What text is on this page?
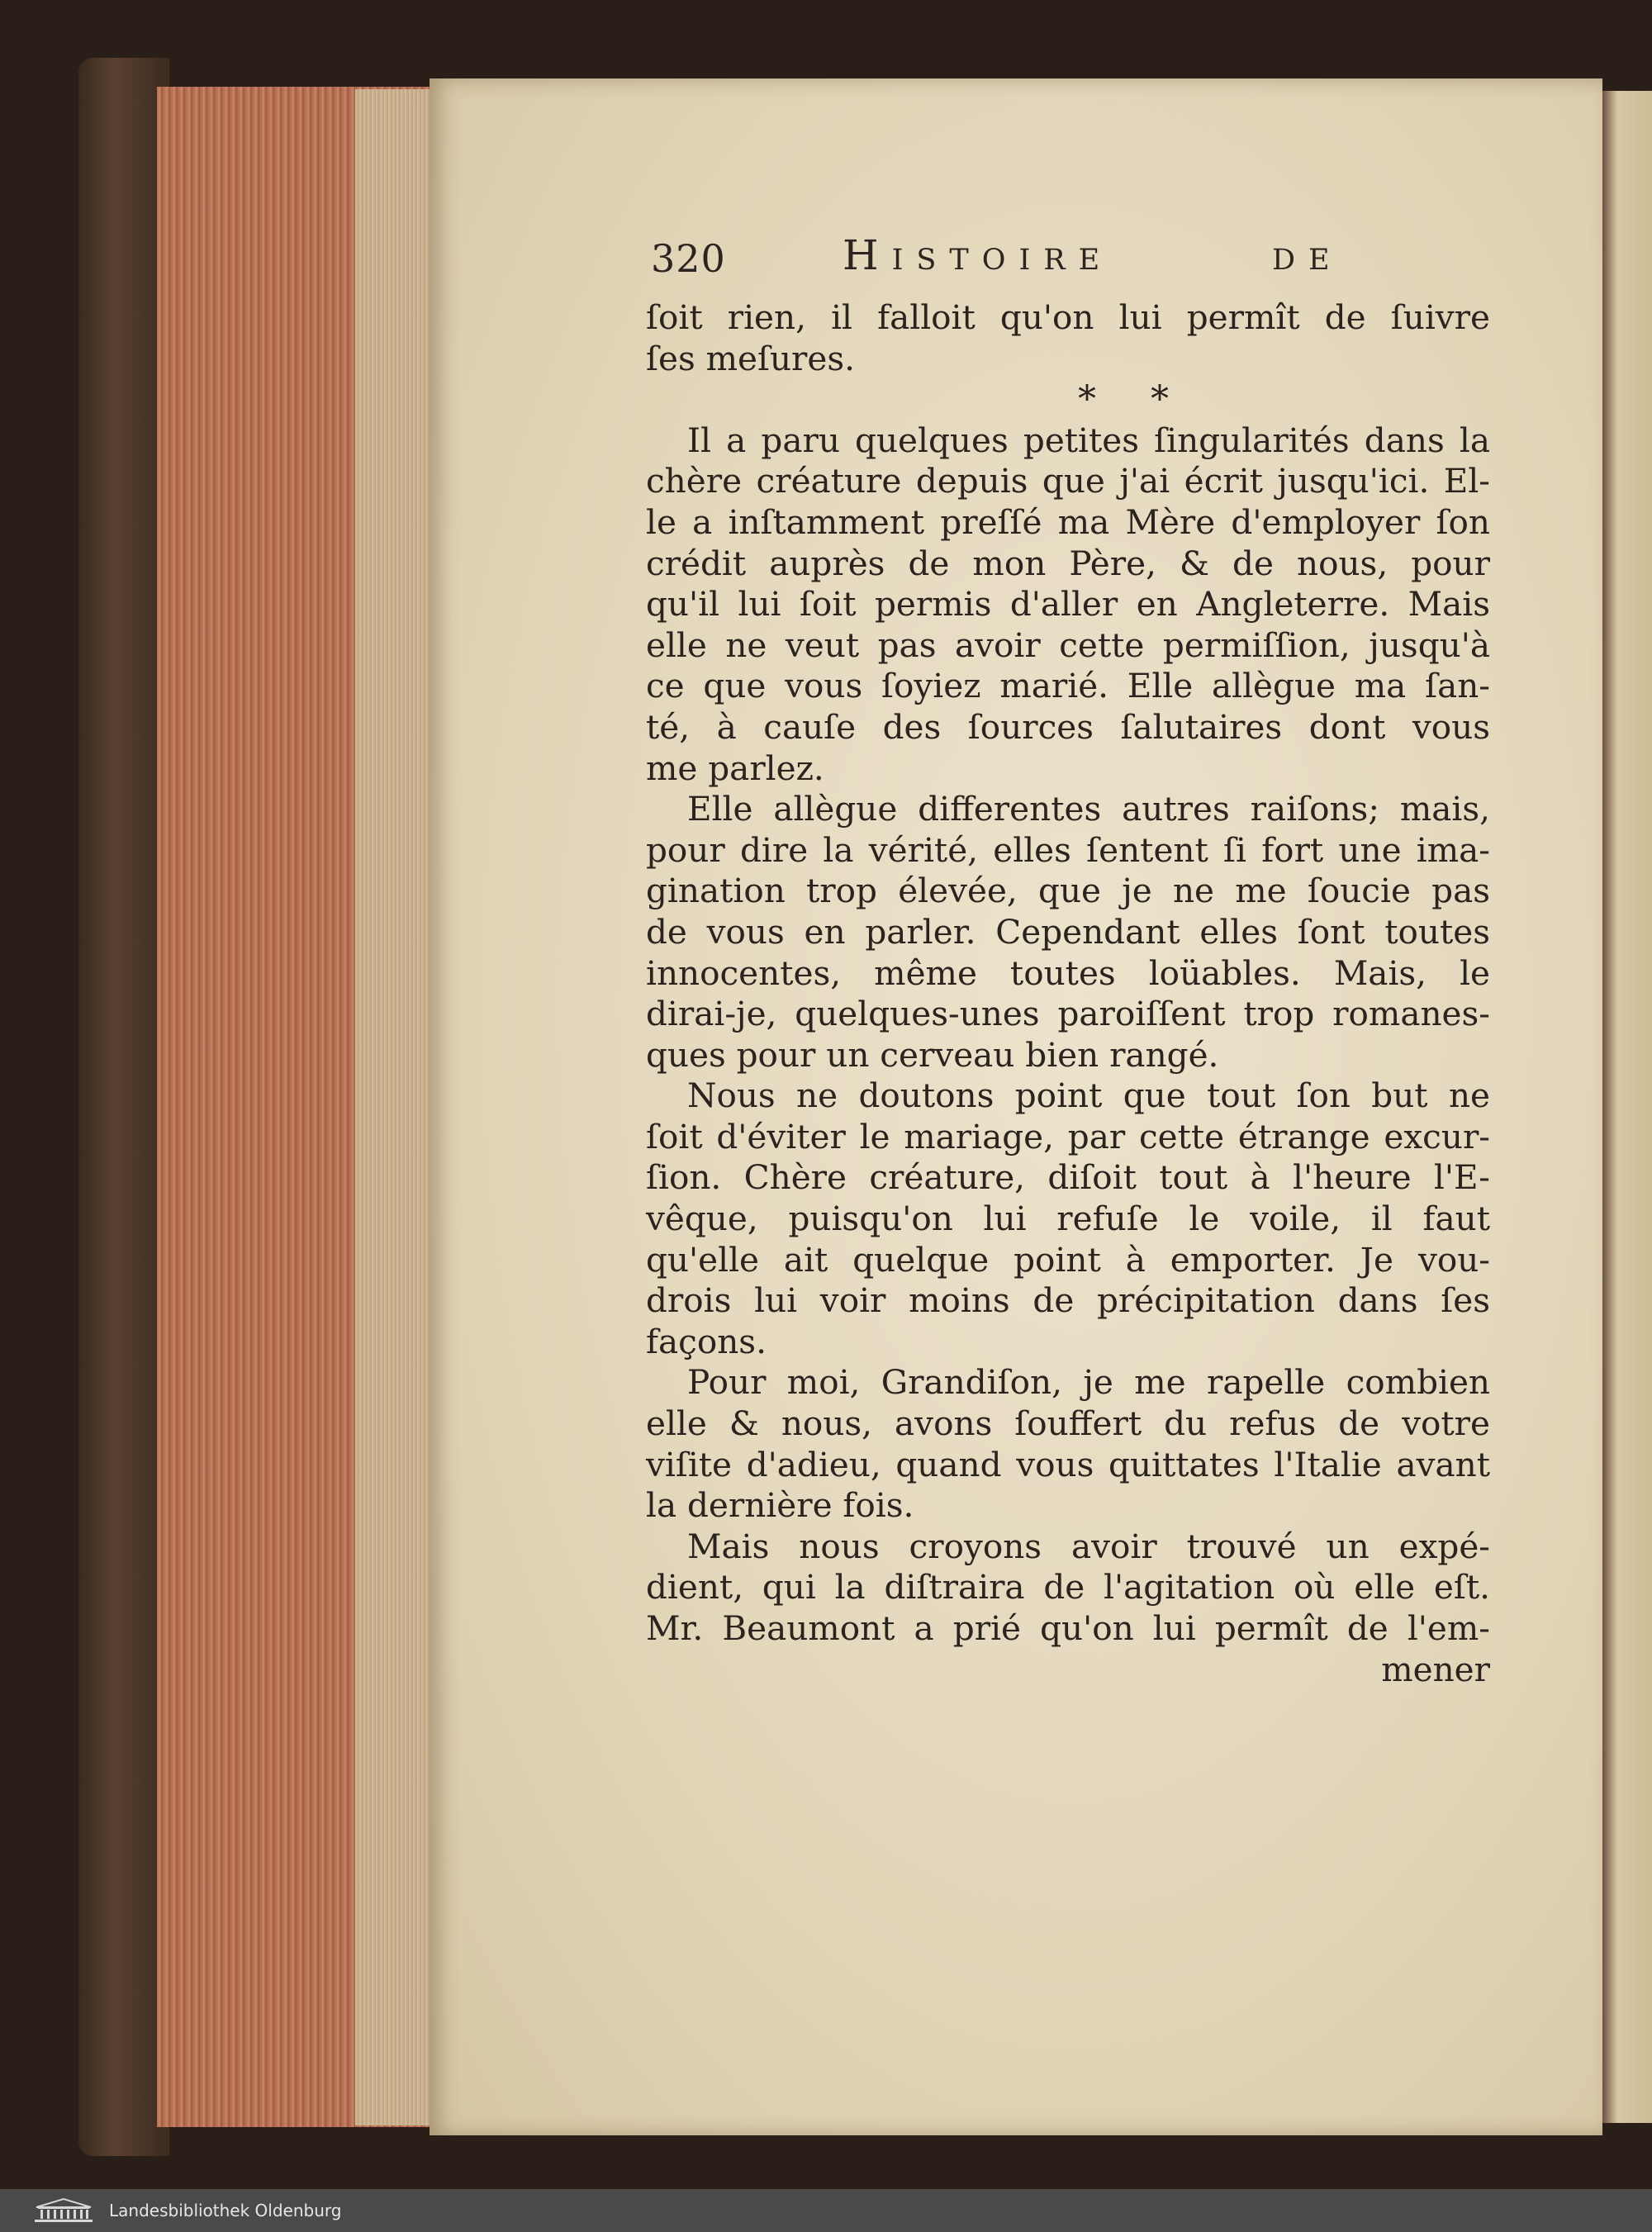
320	Histoire	de
ſoit rien, il falloit qu'on lui permît de ſuivre
ſes meſures.
* *
Il a paru quelques petites ſingularités dans la
chère créature depuis que j'ai écrit jusqu'ici. El-
le a inſtamment preſſé ma Mère d'employer ſon
crédit auprès de mon Père, & de nous, pour
qu'il lui ſoit permis d'aller en Angleterre. Mais
elle ne veut pas avoir cette permiſſion, jusqu'à
ce que vous ſoyiez marié. Elle allègue ma ſan-
té, à cauſe des ſources ſalutaires dont vous
me parlez.
Elle allègue differentes autres raiſons; mais,
pour dire la vérité, elles ſentent ſi fort une ima-
gination trop élevée, que je ne me ſoucie pas
de vous en parler. Cependant elles ſont toutes
innocentes, même toutes loüables. Mais, le
dirai-je, quelques-unes paroiſſent trop romanes-
ques pour un cerveau bien rangé.
Nous ne doutons point que tout ſon but ne
ſoit d'éviter le mariage, par cette étrange excur-
ſion. Chère créature, diſoit tout à l'heure l'E-
vêque, puisqu'on lui refuſe le voile, il faut
qu'elle ait quelque point à emporter. Je vou-
drois lui voir moins de précipitation dans ſes
façons.
Pour moi, Grandiſon, je me rapelle combien
elle & nous, avons ſouffert du refus de votre
viſite d'adieu, quand vous quittates l'Italie avant
la dernière fois.
Mais nous croyons avoir trouvé un expé-
dient, qui la diſtraira de l'agitation où elle eſt.
Mr. Beaumont a prié qu'on lui permît de l'em-
mener
Landesbibliothek Oldenburg
